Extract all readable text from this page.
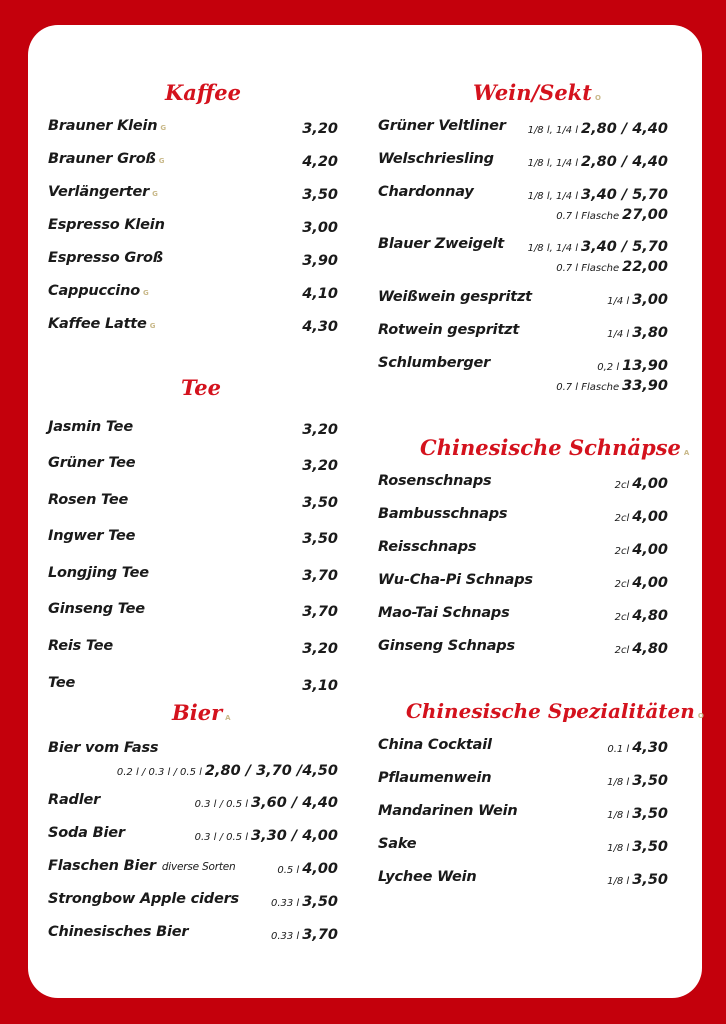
Kaffee
Brauner Klein G	3,20
Brauner Groß G	4,20
Verlängerter G	3,50
Espresso Klein	3,00
Espresso Groß	3,90
Cappuccino G	4,10
Kaffee Latte G	4,30
Tee
Jasmin Tee	3,20
Grüner Tee	3,20
Rosen Tee	3,50
Ingwer Tee	3,50
Longjing Tee	3,70
Ginseng Tee	3,70
Reis Tee	3,20
Tee	3,10
Bier A
Bier vom Fass
0.2 l / 0.3 l / 0.5 l 2,80 / 3,70 /4,50
Radler	0.3 l / 0.5 l 3,60 / 4,40
Soda Bier	0.3 l / 0.5 l 3,30 / 4,00
Flaschen Bier diverse Sorten	0.5 l 4,00
Strongbow Apple ciders	0.33 l 3,50
Chinesisches Bier	0.33 l 3,70
Wein/Sekt O
Grüner Veltliner 1/8 l, 1/4 l 2,80 / 4,40
Welschriesling	1/8 l, 1/4 l 2,80 / 4,40
Chardonnay	1/8 l, 1/4 l 3,40 / 5,70
0.7 l Flasche 27,00
Blauer Zweigelt 1/8 l, 1/4 l 3,40 / 5,70
0.7 l Flasche 22,00
Weißwein gespritzt	1/4 l 3,00
Rotwein gespritzt	1/4 l 3,80
Schlumberger	0,2 l 13,90
0.7 l Flasche 33,90
Chinesische Schnäpse A
Rosenschnaps	2cl 4,00
Bambusschnaps	2cl 4,00
Reisschnaps	2cl 4,00
Wu-Cha-Pi Schnaps	2cl 4,00
Mao-Tai Schnaps	2cl 4,80
Ginseng Schnaps	2cl 4,80
Chinesische Spezialitäten O
China Cocktail	0.1 l 4,30
Pflaumenwein	1/8 l 3,50
Mandarinen Wein	1/8 l 3,50
Sake	1/8 l 3,50
Lychee Wein	1/8 l 3,50
